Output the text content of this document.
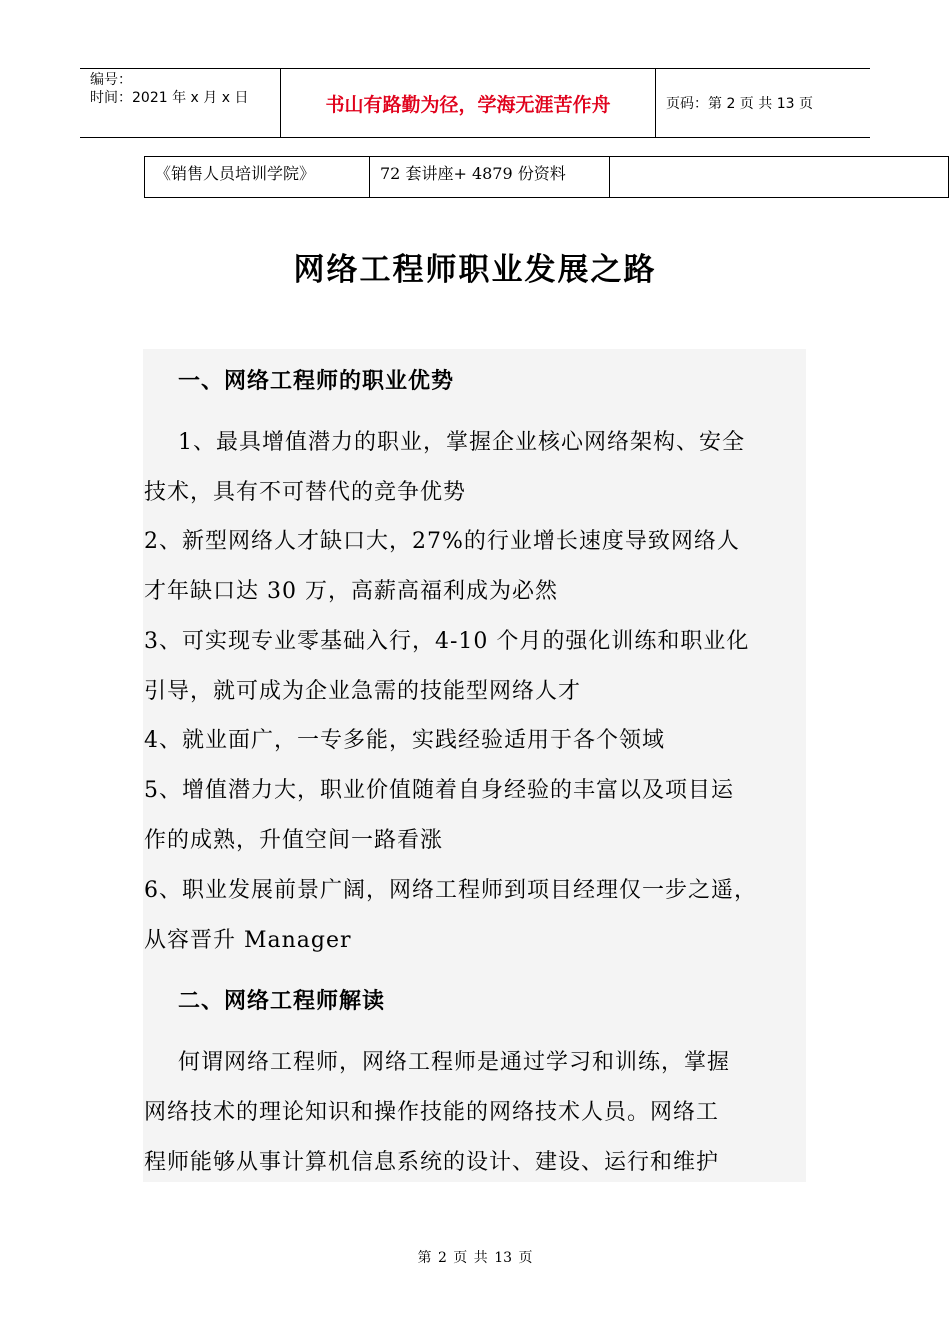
编号：
时间：2021 年 x 月 x 日	书山有路勤为径，学海无涯苦作舟	页码：第 2 页 共 13 页
《销售人员培训学院》	72 套讲座+ 4879 份资料
网络工程师职业发展之路
一、网络工程师的职业优势
1、最具增值潜力的职业，掌握企业核心网络架构、安全
技术，具有不可替代的竞争优势
2、新型网络人才缺口大，27%的行业增长速度导致网络人
才年缺口达 30 万，高薪高福利成为必然
3、可实现专业零基础入行，4-10 个月的强化训练和职业化
引导，就可成为企业急需的技能型网络人才
4、就业面广，一专多能，实践经验适用于各个领域
5、增值潜力大，职业价值随着自身经验的丰富以及项目运
作的成熟，升值空间一路看涨
6、职业发展前景广阔，网络工程师到项目经理仅一步之遥，
从容晋升 Manager
二、网络工程师解读
何谓网络工程师，网络工程师是通过学习和训练，掌握
网络技术的理论知识和操作技能的网络技术人员。网络工
程师能够从事计算机信息系统的设计、建设、运行和维护
第 2 页 共 13 页
